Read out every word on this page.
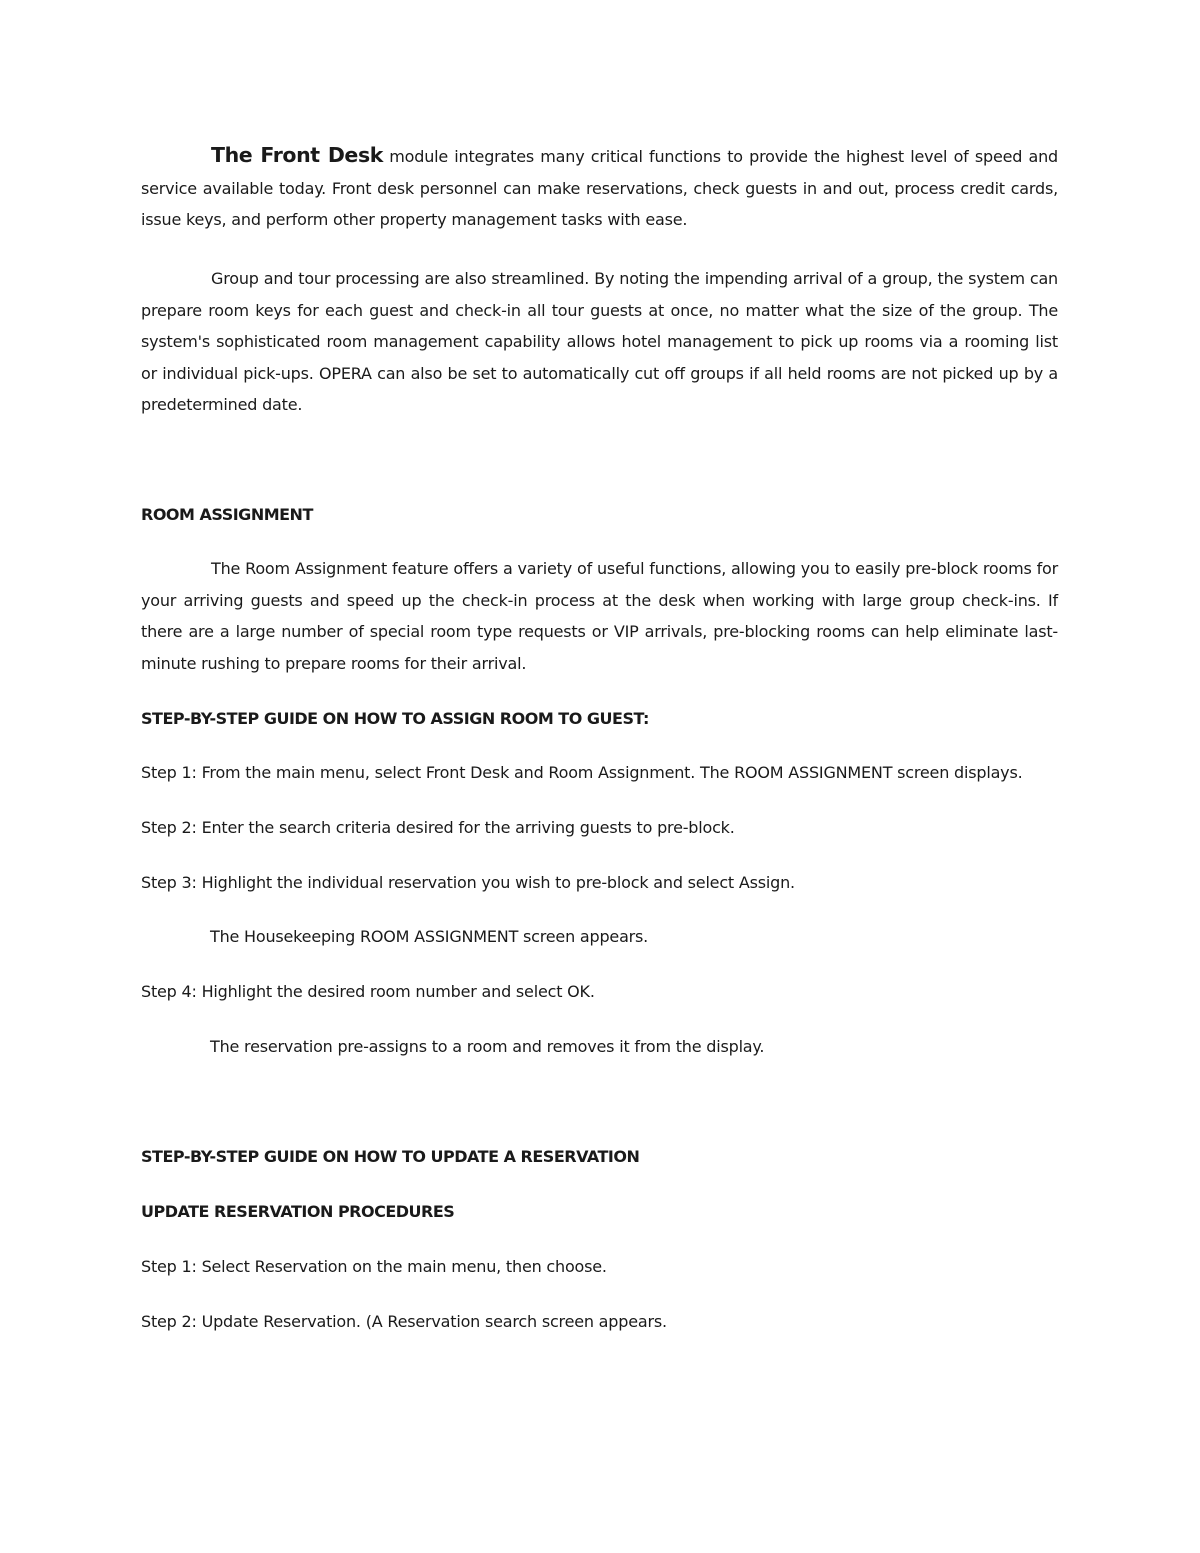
The Front Desk module integrates many critical functions to provide the highest level of speed and service available today. Front desk personnel can make reservations, check guests in and out, process credit cards, issue keys, and perform other property management tasks with ease.

Group and tour processing are also streamlined. By noting the impending arrival of a group, the system can prepare room keys for each guest and check-in all tour guests at once, no matter what the size of the group. The system's sophisticated room management capability allows hotel management to pick up rooms via a rooming list or individual pick-ups. OPERA can also be set to automatically cut off groups if all held rooms are not picked up by a predetermined date.

ROOM ASSIGNMENT

The Room Assignment feature offers a variety of useful functions, allowing you to easily pre-block rooms for your arriving guests and speed up the check-in process at the desk when working with large group check-ins. If there are a large number of special room type requests or VIP arrivals, pre-blocking rooms can help eliminate last-minute rushing to prepare rooms for their arrival.

STEP-BY-STEP GUIDE ON HOW TO ASSIGN ROOM TO GUEST:

Step 1: From the main menu, select Front Desk and Room Assignment. The ROOM ASSIGNMENT screen displays.

Step 2: Enter the search criteria desired for the arriving guests to pre-block.

Step 3: Highlight the individual reservation you wish to pre-block and select Assign.

The Housekeeping ROOM ASSIGNMENT screen appears.

Step 4: Highlight the desired room number and select OK.

The reservation pre-assigns to a room and removes it from the display.

STEP-BY-STEP GUIDE ON HOW TO UPDATE A RESERVATION

UPDATE RESERVATION PROCEDURES

Step 1: Select Reservation on the main menu, then choose.

Step 2: Update Reservation. (A Reservation search screen appears.
